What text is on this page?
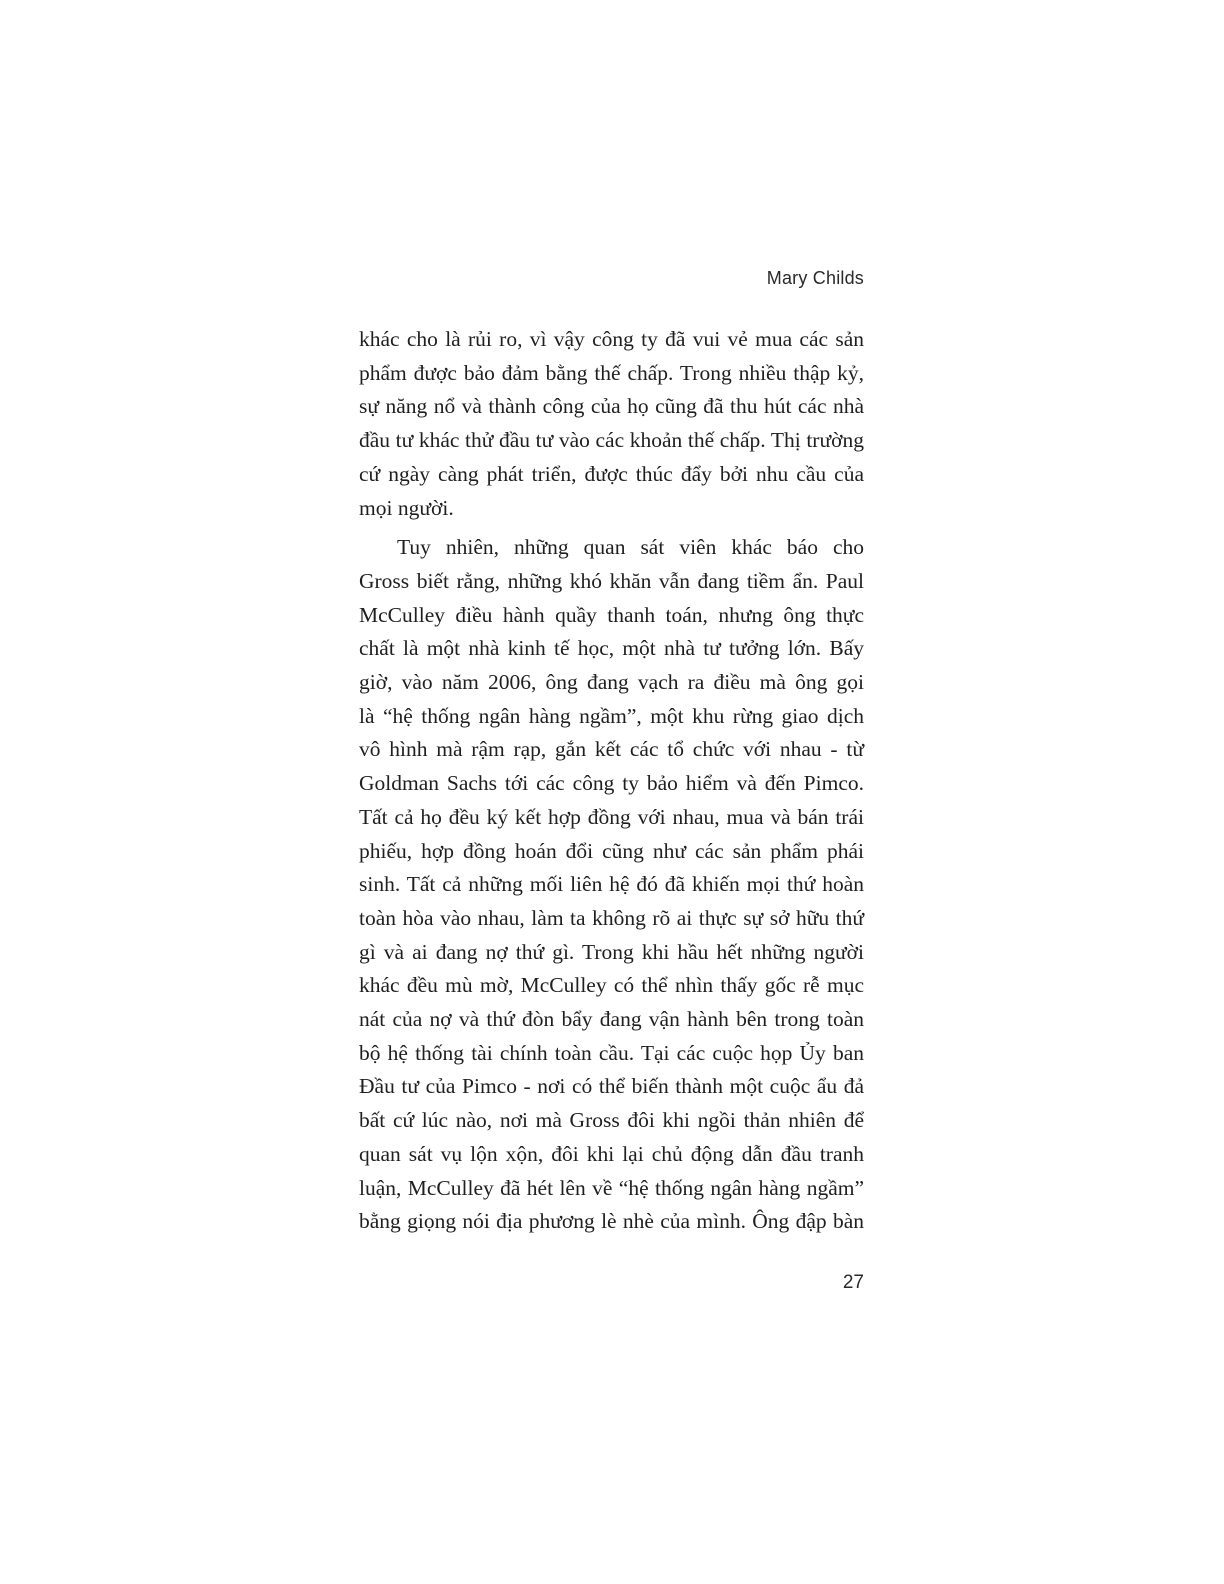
Mary Childs

khác cho là rủi ro, vì vậy công ty đã vui vẻ mua các sản
phẩm được bảo đảm bằng thế chấp. Trong nhiều thập kỷ,
sự năng nổ và thành công của họ cũng đã thu hút các nhà
đầu tư khác thử đầu tư vào các khoản thế chấp. Thị trường
cứ ngày càng phát triển, được thúc đẩy bởi nhu cầu của
mọi người.

Tuy nhiên, những quan sát viên khác báo cho
Gross biết rằng, những khó khăn vẫn đang tiềm ẩn. Paul
McCulley điều hành quầy thanh toán, nhưng ông thực
chất là một nhà kinh tế học, một nhà tư tưởng lớn. Bấy
giờ, vào năm 2006, ông đang vạch ra điều mà ông gọi
là “hệ thống ngân hàng ngầm”, một khu rừng giao dịch
vô hình mà rậm rạp, gắn kết các tổ chức với nhau - từ
Goldman Sachs tới các công ty bảo hiểm và đến Pimco.
Tất cả họ đều ký kết hợp đồng với nhau, mua và bán trái
phiếu, hợp đồng hoán đổi cũng như các sản phẩm phái
sinh. Tất cả những mối liên hệ đó đã khiến mọi thứ hoàn
toàn hòa vào nhau, làm ta không rõ ai thực sự sở hữu thứ
gì và ai đang nợ thứ gì. Trong khi hầu hết những người
khác đều mù mờ, McCulley có thể nhìn thấy gốc rễ mục
nát của nợ và thứ đòn bẩy đang vận hành bên trong toàn
bộ hệ thống tài chính toàn cầu. Tại các cuộc họp Ủy ban
Đầu tư của Pimco - nơi có thể biến thành một cuộc ẩu đả
bất cứ lúc nào, nơi mà Gross đôi khi ngồi thản nhiên để
quan sát vụ lộn xộn, đôi khi lại chủ động dẫn đầu tranh
luận, McCulley đã hét lên về “hệ thống ngân hàng ngầm”
bằng giọng nói địa phương lè nhè của mình. Ông đập bàn

27
